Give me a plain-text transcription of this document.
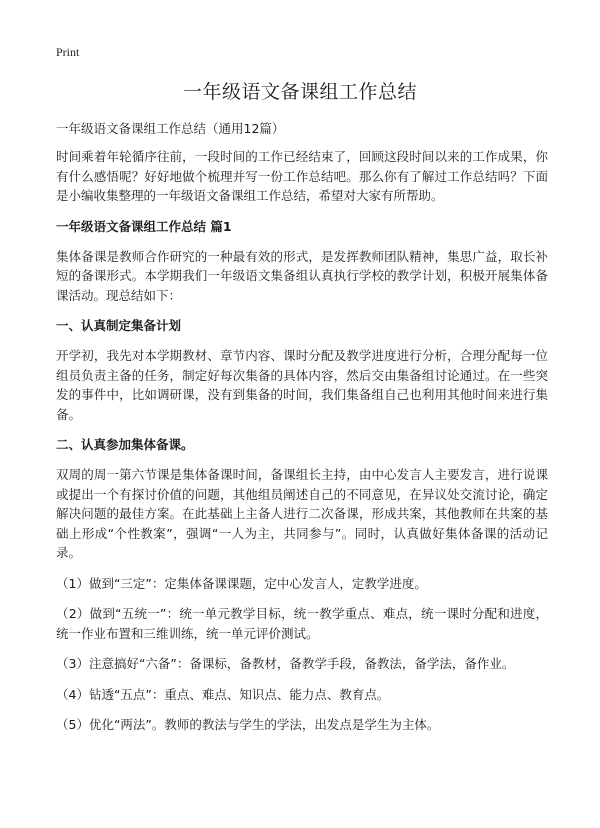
Print
一年级语文备课组工作总结

一年级语文备课组工作总结（通用12篇）

时间乘着年轮循序往前，一段时间的工作已经结束了，回顾这段时间以来的工作成果，你有什么感悟呢？好好地做个梳理并写一份工作总结吧。那么你有了解过工作总结吗？下面是小编收集整理的一年级语文备课组工作总结，希望对大家有所帮助。

一年级语文备课组工作总结 篇1

集体备课是教师合作研究的一种最有效的形式，是发挥教师团队精神，集思广益，取长补短的备课形式。本学期我们一年级语文集备组认真执行学校的教学计划，积极开展集体备课活动。现总结如下：

一、认真制定集备计划

开学初，我先对本学期教材、章节内容、课时分配及教学进度进行分析，合理分配每一位组员负责主备的任务，制定好每次集备的具体内容，然后交由集备组讨论通过。在一些突发的事件中，比如调研课，没有到集备的时间，我们集备组自己也利用其他时间来进行集备。

二、认真参加集体备课。

双周的周一第六节课是集体备课时间，备课组长主持，由中心发言人主要发言，进行说课或提出一个有探讨价值的问题，其他组员阐述自己的不同意见，在异议处交流讨论，确定解决问题的最佳方案。在此基础上主备人进行二次备课，形成共案，其他教师在共案的基础上形成“个性教案”，强调“一人为主，共同参与”。同时，认真做好集体备课的活动记录。

（1）做到“三定”：定集体备课课题，定中心发言人，定教学进度。

（2）做到“五统一”：统一单元教学目标，统一教学重点、难点，统一课时分配和进度，统一作业布置和三维训练，统一单元评价测试。

（3）注意搞好“六备”：备课标，备教材，备教学手段，备教法，备学法，备作业。

（4）钻透“五点”：重点、难点、知识点、能力点、教育点。

（5）优化“两法”。教师的教法与学生的学法，出发点是学生为主体。
